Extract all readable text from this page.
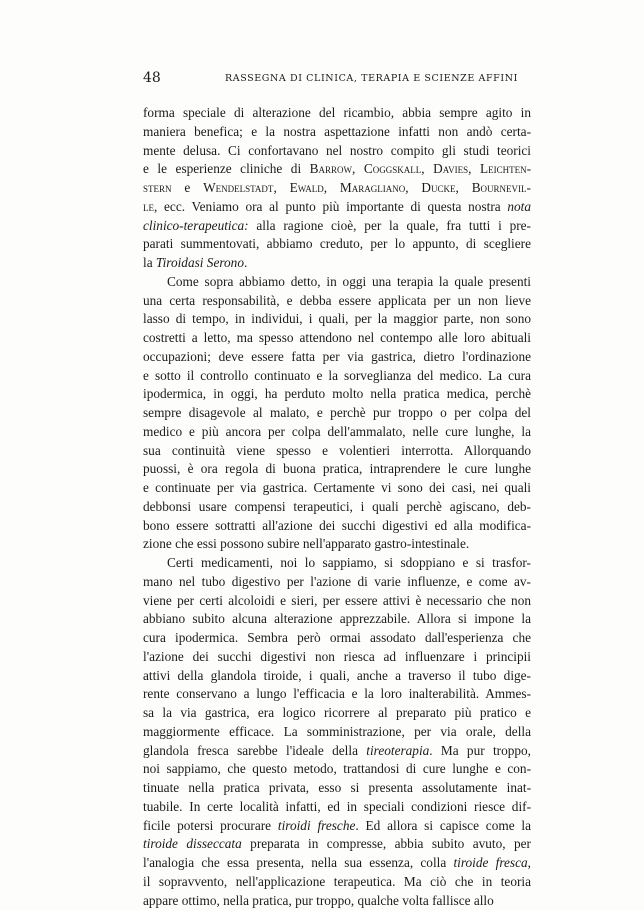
48	RASSEGNA DI CLINICA, TERAPIA E SCIENZE AFFINI
forma speciale di alterazione del ricambio, abbia sempre agito in
maniera benefica; e la nostra aspettazione infatti non andò certa-
mente delusa. Ci confortavano nel nostro compito gli studi teorici
e le esperienze cliniche di Barrow, Coggskall, Davies, Leichten-
stern e Wendelstadt, Ewald, Maragliano, Ducke, Bournevil-
le, ecc. Veniamo ora al punto più importante di questa nostra nota
clinico-terapeutica: alla ragione cioè, per la quale, fra tutti i pre-
parati summentovati, abbiamo creduto, per lo appunto, di scegliere
la Tiroidasi Serono.
Come sopra abbiamo detto, in oggi una terapia la quale presenti
una certa responsabilità, e debba essere applicata per un non lieve
lasso di tempo, in individui, i quali, per la maggior parte, non sono
costretti a letto, ma spesso attendono nel contempo alle loro abituali
occupazioni; deve essere fatta per via gastrica, dietro l'ordinazione
e sotto il controllo continuato e la sorveglianza del medico. La cura
ipodermica, in oggi, ha perduto molto nella pratica medica, perchè
sempre disagevole al malato, e perchè pur troppo o per colpa del
medico e più ancora per colpa dell'ammalato, nelle cure lunghe, la
sua continuità viene spesso e volentieri interrotta. Allorquando
puossi, è ora regola di buona pratica, intraprendere le cure lunghe
e continuate per via gastrica. Certamente vi sono dei casi, nei quali
debbonsi usare compensi terapeutici, i quali perchè agiscano, deb-
bono essere sottratti all'azione dei succhi digestivi ed alla modifica-
zione che essi possono subire nell'apparato gastro-intestinale.
Certi medicamenti, noi lo sappiamo, si sdoppiano e si trasfor-
mano nel tubo digestivo per l'azione di varie influenze, e come av-
viene per certi alcoloidi e sieri, per essere attivi è necessario che non
abbiano subito alcuna alterazione apprezzabile. Allora si impone la
cura ipodermica. Sembra però ormai assodato dall'esperienza che
l'azione dei succhi digestivi non riesca ad influenzare i principii
attivi della glandola tiroide, i quali, anche a traverso il tubo dige-
rente conservano a lungo l'efficacia e la loro inalterabilità. Ammes-
sa la via gastrica, era logico ricorrere al preparato più pratico e
maggiormente efficace. La somministrazione, per via orale, della
glandola fresca sarebbe l'ideale della tireoterapia. Ma pur troppo,
noi sappiamo, che questo metodo, trattandosi di cure lunghe e con-
tinuate nella pratica privata, esso si presenta assolutamente inat-
tuabile. In certe località infatti, ed in speciali condizioni riesce dif-
ficile potersi procurare tiroidi fresche. Ed allora si capisce come la
tiroide disseccata preparata in compresse, abbia subito avuto, per
l'analogia che essa presenta, nella sua essenza, colla tiroide fresca,
il sopravvento, nell'applicazione terapeutica. Ma ciò che in teoria
appare ottimo, nella pratica, pur troppo, qualche volta fallisce allo
